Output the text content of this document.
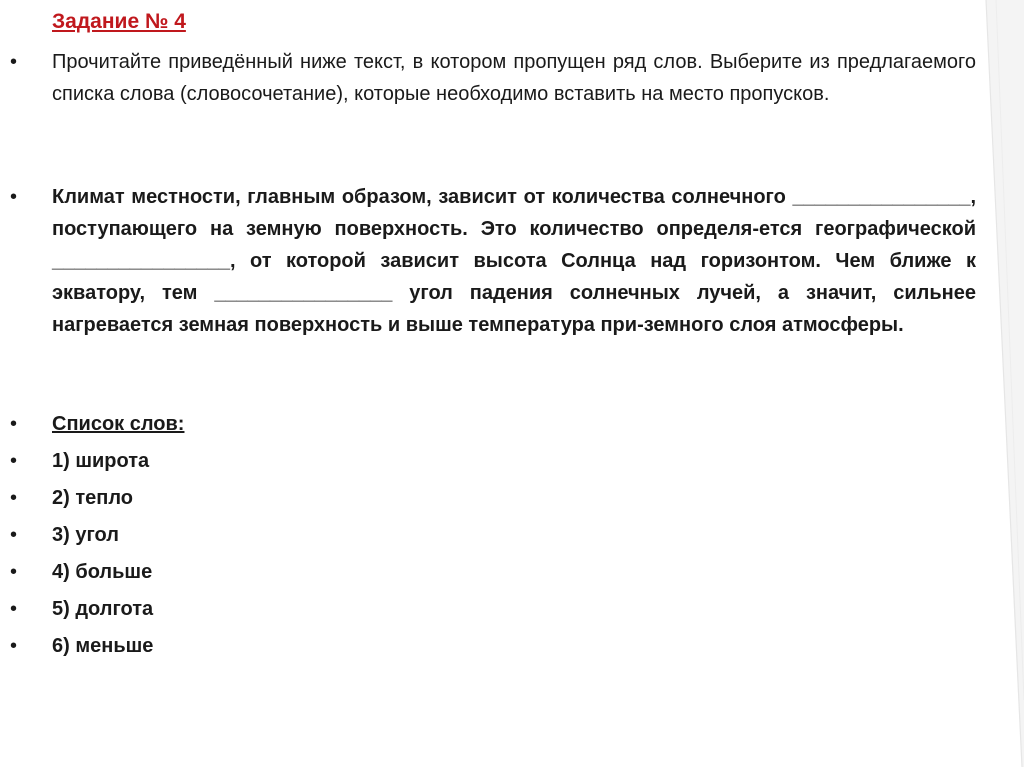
Задание № 4
• Прочитайте приведённый ниже текст, в котором пропущен ряд слов. Выберите из предлагаемого списка слова (словосочетание), которые необходимо вставить на место пропусков.
• Климат местности, главным образом, зависит от количества солнечного ________________, поступающего на земную поверхность. Это количество определя-ется географической ________________, от которой зависит высота Солнца над горизонтом. Чем ближе к экватору, тем ________________ угол падения солнечных лучей, а значит, сильнее нагревается земная поверхность и выше температура при-земного слоя атмосферы.
• Список слов:
• 1) широта
• 2) тепло
• 3) угол
• 4) больше
• 5) долгота
• 6) меньше
